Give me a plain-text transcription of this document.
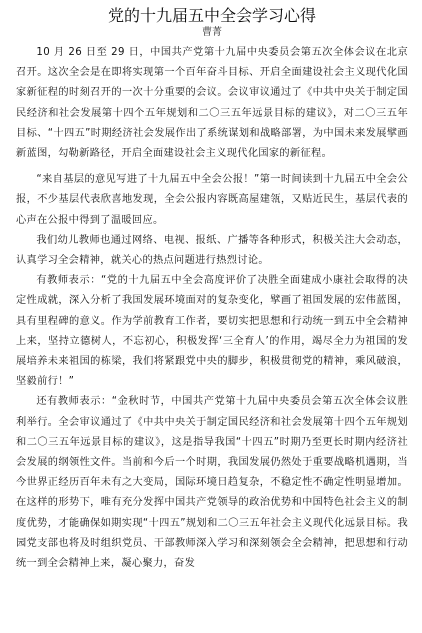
党的十九届五中全会学习心得
曹菁

10 月 26 日至 29 日，中国共产党第十九届中央委员会第五次全体会议在北京召开。这次全会是在即将实现第一个百年奋斗目标、开启全面建设社会主义现代化国家新征程的时刻召开的一次十分重要的会议。会议审议通过了《中共中央关于制定国民经济和社会发展第十四个五年规划和二〇三五年远景目标的建议》，对二〇三五年目标、“十四五”时期经济社会发展作出了系统谋划和战略部署，为中国未来发展擘画新蓝图，勾勒新路径，开启全面建设社会主义现代化国家的新征程。

“来自基层的意见写进了十九届五中全会公报！”第一时间读到十九届五中全会公报，不少基层代表欣喜地发现，全会公报内容既高屋建瓴，又贴近民生，基层代表的心声在公报中得到了温暖回应。

我们幼儿教师也通过网络、电视、报纸、广播等各种形式，积极关注大会动态，认真学习全会精神，就关心的热点问题进行热烈讨论。

有教师表示：“党的十九届五中全会高度评价了决胜全面建成小康社会取得的决定性成就，深入分析了我国发展环境面对的复杂变化，擘画了祖国发展的宏伟蓝图，具有里程碑的意义。作为学前教育工作者，要切实把思想和行动统一到五中全会精神上来，坚持立德树人，不忘初心，积极发挥‘三全育人’的作用，竭尽全力为祖国的发展培养未来祖国的栋梁，我们将紧跟党中央的脚步，积极贯彻党的精神，乘风破浪，坚毅前行！”

还有教师表示：“金秋时节，中国共产党第十九届中央委员会第五次全体会议胜利举行。全会审议通过了《中共中央关于制定国民经济和社会发展第十四个五年规划和二〇三五年远景目标的建议》，这是指导我国“十四五”时期乃至更长时期内经济社会发展的纲领性文件。当前和今后一个时期，我国发展仍然处于重要战略机遇期，当今世界正经历百年未有之大变局，国际环境日趋复杂，不稳定性不确定性明显增加。在这样的形势下，唯有充分发挥中国共产党领导的政治优势和中国特色社会主义的制度优势，才能确保如期实现“十四五”规划和二〇三五年社会主义现代化远景目标。我园党支部也将及时组织党员、干部教师深入学习和深刻领会全会精神，把思想和行动统一到全会精神上来，凝心聚力，奋发
